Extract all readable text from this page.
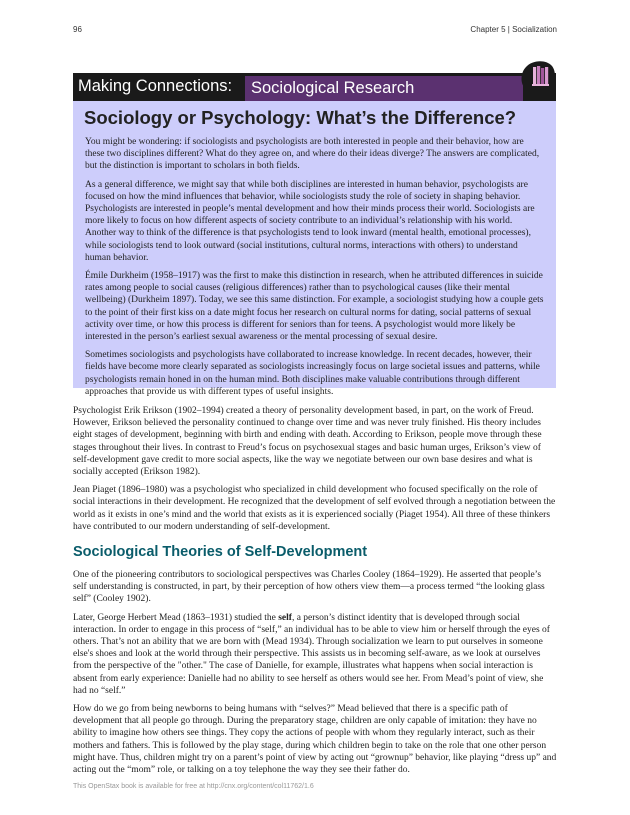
96	Chapter 5 | Socialization
Making Connections:	Sociological Research
Sociology or Psychology: What’s the Difference?

You might be wondering: if sociologists and psychologists are both interested in people and their behavior, how are these two disciplines different? What do they agree on, and where do their ideas diverge? The answers are complicated, but the distinction is important to scholars in both fields.

As a general difference, we might say that while both disciplines are interested in human behavior, psychologists are focused on how the mind influences that behavior, while sociologists study the role of society in shaping behavior. Psychologists are interested in people’s mental development and how their minds process their world. Sociologists are more likely to focus on how different aspects of society contribute to an individual’s relationship with his world. Another way to think of the difference is that psychologists tend to look inward (mental health, emotional processes), while sociologists tend to look outward (social institutions, cultural norms, interactions with others) to understand human behavior.

Émile Durkheim (1958–1917) was the first to make this distinction in research, when he attributed differences in suicide rates among people to social causes (religious differences) rather than to psychological causes (like their mental wellbeing) (Durkheim 1897). Today, we see this same distinction. For example, a sociologist studying how a couple gets to the point of their first kiss on a date might focus her research on cultural norms for dating, social patterns of sexual activity over time, or how this process is different for seniors than for teens. A psychologist would more likely be interested in the person’s earliest sexual awareness or the mental processing of sexual desire.

Sometimes sociologists and psychologists have collaborated to increase knowledge. In recent decades, however, their fields have become more clearly separated as sociologists increasingly focus on large societal issues and patterns, while psychologists remain honed in on the human mind. Both disciplines make valuable contributions through different approaches that provide us with different types of useful insights.

Psychologist Erik Erikson (1902–1994) created a theory of personality development based, in part, on the work of Freud. However, Erikson believed the personality continued to change over time and was never truly finished. His theory includes eight stages of development, beginning with birth and ending with death. According to Erikson, people move through these stages throughout their lives. In contrast to Freud’s focus on psychosexual stages and basic human urges, Erikson’s view of self-development gave credit to more social aspects, like the way we negotiate between our own base desires and what is socially accepted (Erikson 1982).

Jean Piaget (1896–1980) was a psychologist who specialized in child development who focused specifically on the role of social interactions in their development. He recognized that the development of self evolved through a negotiation between the world as it exists in one’s mind and the world that exists as it is experienced socially (Piaget 1954). All three of these thinkers have contributed to our modern understanding of self-development.

Sociological Theories of Self-Development

One of the pioneering contributors to sociological perspectives was Charles Cooley (1864–1929). He asserted that people’s self understanding is constructed, in part, by their perception of how others view them—a process termed “the looking glass self” (Cooley 1902).

Later, George Herbert Mead (1863–1931) studied the self, a person’s distinct identity that is developed through social interaction. In order to engage in this process of “self,” an individual has to be able to view him or herself through the eyes of others. That’s not an ability that we are born with (Mead 1934). Through socialization we learn to put ourselves in someone else's shoes and look at the world through their perspective. This assists us in becoming self-aware, as we look at ourselves from the perspective of the "other." The case of Danielle, for example, illustrates what happens when social interaction is absent from early experience: Danielle had no ability to see herself as others would see her. From Mead’s point of view, she had no “self.”

How do we go from being newborns to being humans with “selves?” Mead believed that there is a specific path of development that all people go through. During the preparatory stage, children are only capable of imitation: they have no ability to imagine how others see things. They copy the actions of people with whom they regularly interact, such as their mothers and fathers. This is followed by the play stage, during which children begin to take on the role that one other person might have. Thus, children might try on a parent’s point of view by acting out “grownup” behavior, like playing “dress up” and acting out the “mom” role, or talking on a toy telephone the way they see their father do.

This OpenStax book is available for free at http://cnx.org/content/col11762/1.6
